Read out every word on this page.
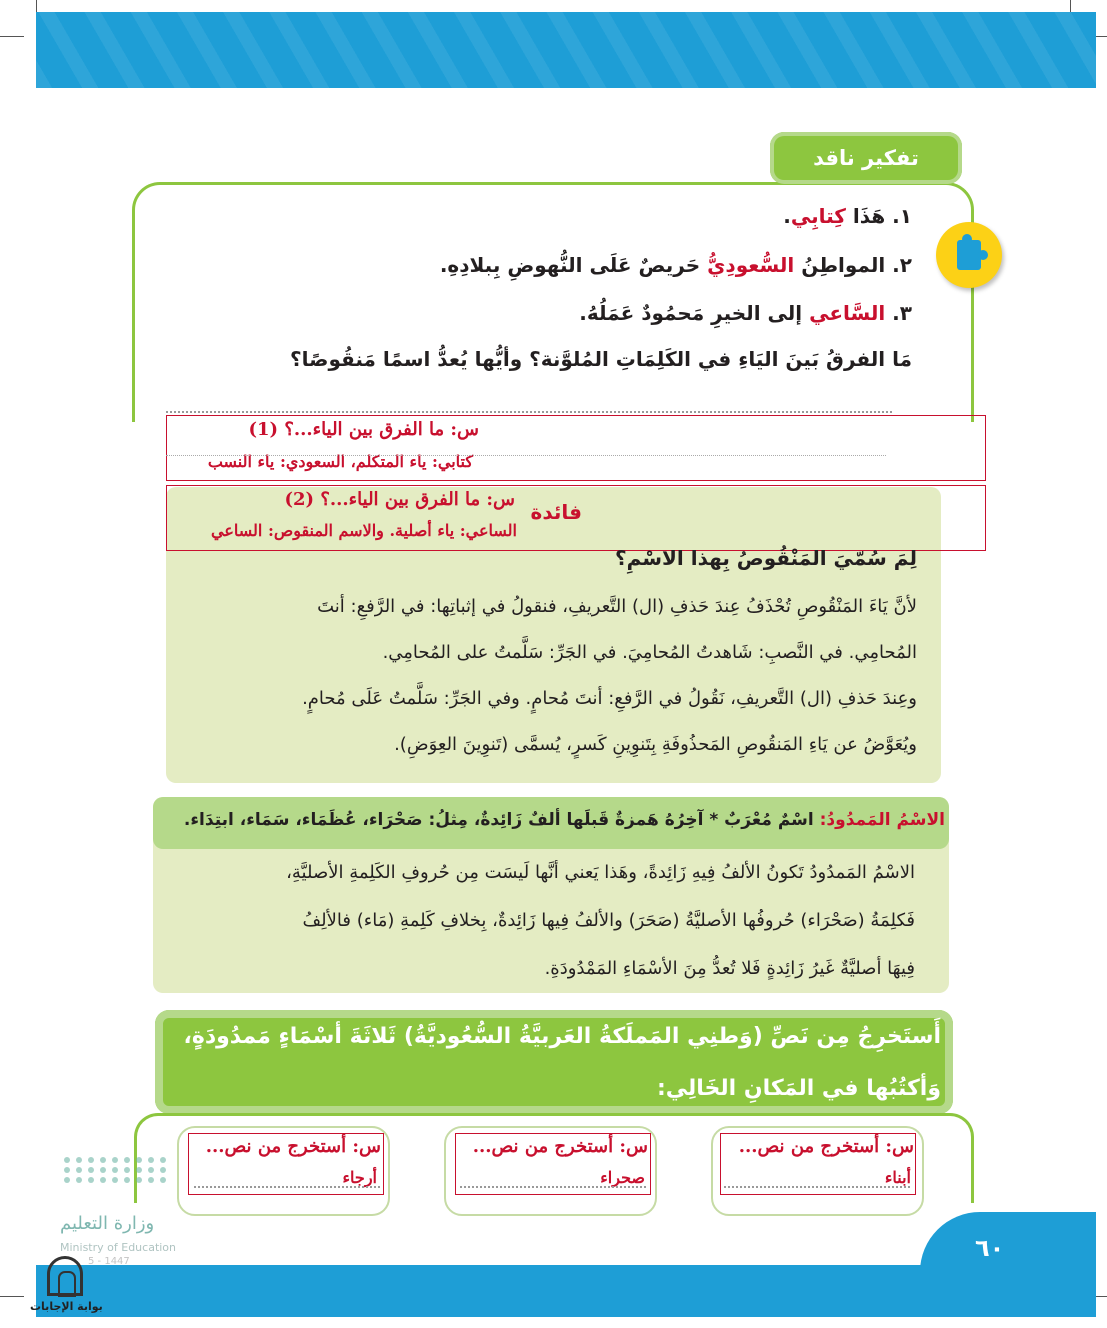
تفكير ناقد
١. هَذَا كِتابِي.
٢. المواطِنُ السُّعودِيُّ حَريصٌ عَلَى النُّهوضِ بِبلادِهِ.
٣. السَّاعي إلى الخيرِ مَحمُودٌ عَمَلُهُ.
مَا الفرقُ بَينَ اليَاءِ في الكَلِمَاتِ المُلوَّنة؟ وأيُّها يُعدُّ اسمًا مَنقُوصًا؟
فائدة
س: ما الفرق بين الياء...؟ (1)
كتابي: ياء المتكلم، السعودي: ياء النسب
س: ما الفرق بين الياء...؟ (2)
الساعي: ياء أصلية. والاسم المنقوص: الساعي
لِمَ سُمّيَ المَنْقُوصُ بِهذا الاسْمِ؟
لأنَّ يَاءَ المَنْقُوصِ تُحْذَفُ عِندَ حَذفِ (ال) التَّعريفِ، فنقولُ في إثباتِها: في الرَّفعِ: أنتَ
المُحامِي. في النَّصبِ: شَاهدتُ المُحامِيَ. في الجَرِّ: سَلَّمتُ على المُحامِي.
وعِندَ حَذفِ (ال) التَّعريفِ، نَقُولُ في الرَّفعِ: أنتَ مُحامٍ. وفي الجَرِّ: سَلَّمتُ عَلَى مُحامٍ.
ويُعَوَّضُ عن يَاءِ المَنقُوصِ المَحذُوفَةِ بِتَنوِينِ كَسرٍ، يُسمَّى (تَنوِينَ العِوَضِ).
الاسْمُ المَمدُودُ: اسْمٌ مُعْرَبٌ * آخِرُهُ هَمزةٌ قَبلَها ألفٌ زَائِدةٌ، مِثلُ: صَحْرَاء، عُظَمَاء، سَمَاء، ابتِدَاء.
الاسْمُ المَمدُودُ تَكونُ الألفُ فِيهِ زَائِدةً، وهَذا يَعني أنَّها لَيسَت مِن حُروفِ الكَلِمةِ الأصليَّةِ،
فَكلِمَةُ (صَحْرَاء) حُروفُها الأصليَّةُ (صَحَرَ) والألفُ فِيها زَائِدةٌ، بِخلافِ كَلِمةِ (مَاء) فالألِفُ
فِيهَا أصليَّةٌ غَيرُ زَائِدةٍ فَلا تُعدُّ مِنَ الأسْمَاءِ المَمْدُودَةِ.
أَستَخرِجُ مِن نَصِّ (وَطنِي المَملَكةُ العَربيَّةُ السُّعُوديَّةُ) ثَلاثَةَ أسْمَاءٍ مَمدُودَةٍ،
وَأكتُبُها في المَكانِ الخَالِي:
س: أستخرج من نص...
أبناء
س: أستخرج من نص...
صحراء
س: أستخرج من نص...
أرجاء
٦٠
وزارة التعليم
Ministry of Education
5 - 1447
بوابة الإجابات
